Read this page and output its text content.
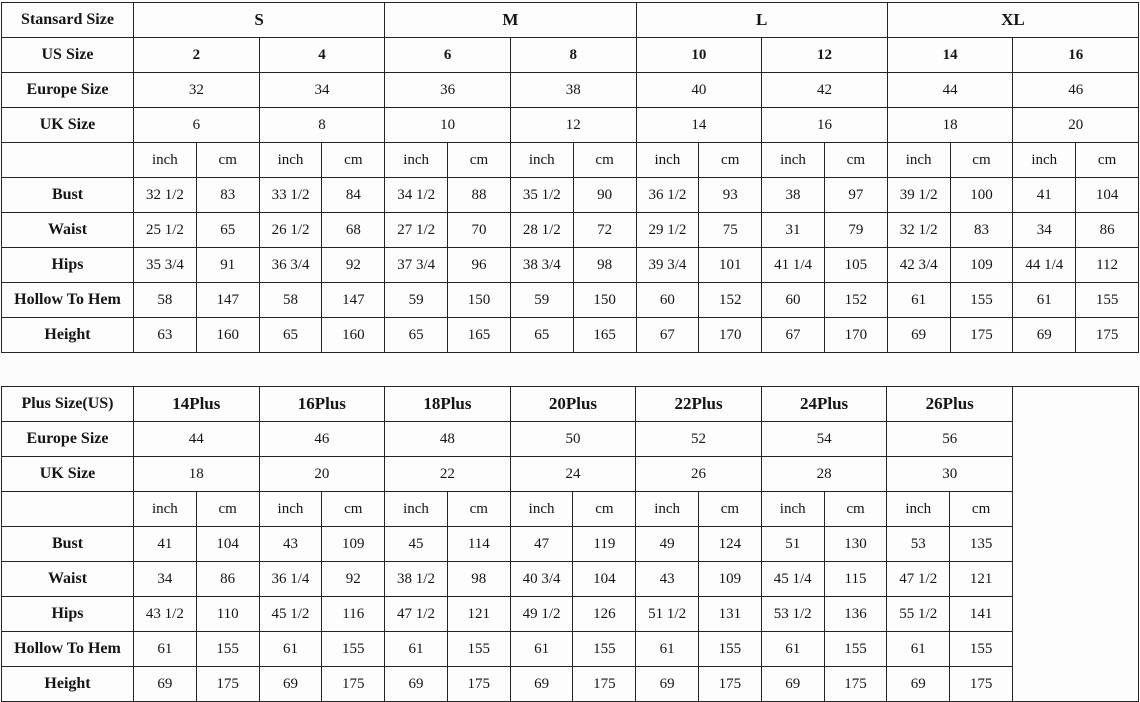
Stansard Size	S				M				L				XL			
US Size	2		4		6		8		10		12		14		16	
Europe Size	32		34		36		38		40		42		44		46	
UK Size	6		8		10		12		14		16		18		20	
	inch	cm	inch	cm	inch	cm	inch	cm	inch	cm	inch	cm	inch	cm	inch	cm
Bust	32 1/2	83	33 1/2	84	34 1/2	88	35 1/2	90	36 1/2	93	38	97	39 1/2	100	41	104
Waist	25 1/2	65	26 1/2	68	27 1/2	70	28 1/2	72	29 1/2	75	31	79	32 1/2	83	34	86
Hips	35 3/4	91	36 3/4	92	37 3/4	96	38 3/4	98	39 3/4	101	41 1/4	105	42 3/4	109	44 1/4	112
Hollow To Hem	58	147	58	147	59	150	59	150	60	152	60	152	61	155	61	155
Height	63	160	65	160	65	165	65	165	67	170	67	170	69	175	69	175
Plus Size(US)	14Plus		16Plus		18Plus		20Plus		22Plus		24Plus		26Plus		
Europe Size	44		46		48		50		52		54		56		
UK Size	18		20		22		24		26		28		30		
	inch	cm	inch	cm	inch	cm	inch	cm	inch	cm	inch	cm	inch	cm	
Bust	41	104	43	109	45	114	47	119	49	124	51	130	53	135	
Waist	34	86	36 1/4	92	38 1/2	98	40 3/4	104	43	109	45 1/4	115	47 1/2	121	
Hips	43 1/2	110	45 1/2	116	47 1/2	121	49 1/2	126	51 1/2	131	53 1/2	136	55 1/2	141	
Hollow To Hem	61	155	61	155	61	155	61	155	61	155	61	155	61	155	
Height	69	175	69	175	69	175	69	175	69	175	69	175	69	175	
